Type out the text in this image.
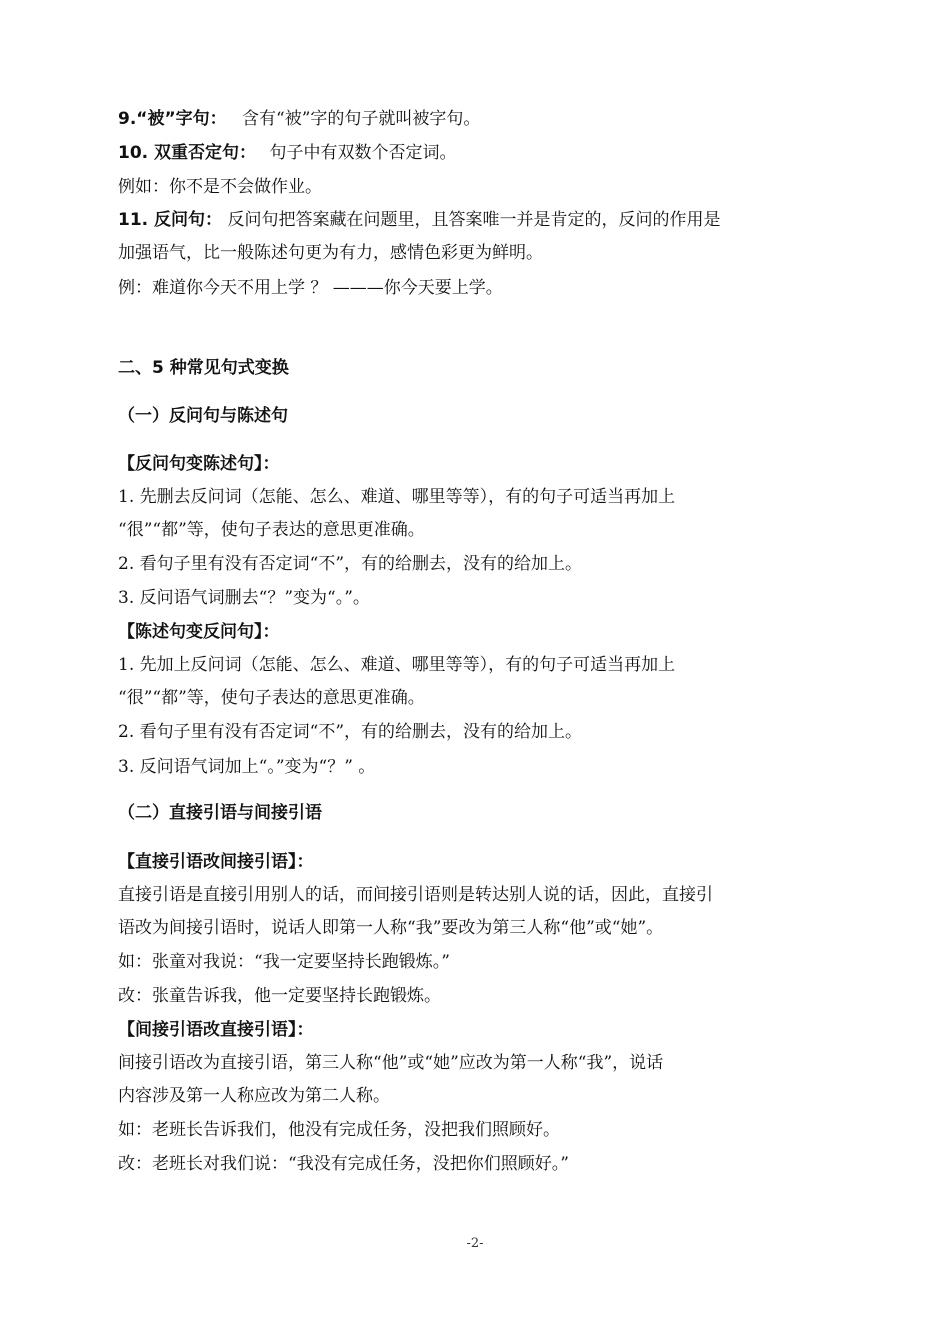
9.“被”字句： 含有“被”字的句子就叫被字句。
10. 双重否定句： 句子中有双数个否定词。
例如：你不是不会做作业。
11. 反问句： 反问句把答案藏在问题里，且答案唯一并是肯定的，反问的作用是
加强语气，比一般陈述句更为有力，感情色彩更为鲜明。
例：难道你今天不用上学 ？ ———你今天要上学。
二、5 种常见句式变换
（一）反问句与陈述句
【反问句变陈述句】：
1. 先删去反问词（怎能、怎么、难道、哪里等等），有的句子可适当再加上
“很”“都”等，使句子表达的意思更准确。
2. 看句子里有没有否定词“不”，有的给删去，没有的给加上。
3. 反问语气词删去“？”变为“。”。
【陈述句变反问句】：
1. 先加上反问词（怎能、怎么、难道、哪里等等），有的句子可适当再加上
“很”“都”等，使句子表达的意思更准确。
2. 看句子里有没有否定词“不”，有的给删去，没有的给加上。
3. 反问语气词加上“。”变为“？” 。
（二）直接引语与间接引语
【直接引语改间接引语】：
直接引语是直接引用别人的话，而间接引语则是转达别人说的话，因此，直接引
语改为间接引语时，说话人即第一人称“我”要改为第三人称“他”或“她”。
如：张童对我说：“我一定要坚持长跑锻炼。”
改：张童告诉我，他一定要坚持长跑锻炼。
【间接引语改直接引语】：
间接引语改为直接引语，第三人称“他”或“她”应改为第一人称“我”，说话
内容涉及第一人称应改为第二人称。
如：老班长告诉我们，他没有完成任务，没把我们照顾好。
改：老班长对我们说：“我没有完成任务，没把你们照顾好。”
-2-
